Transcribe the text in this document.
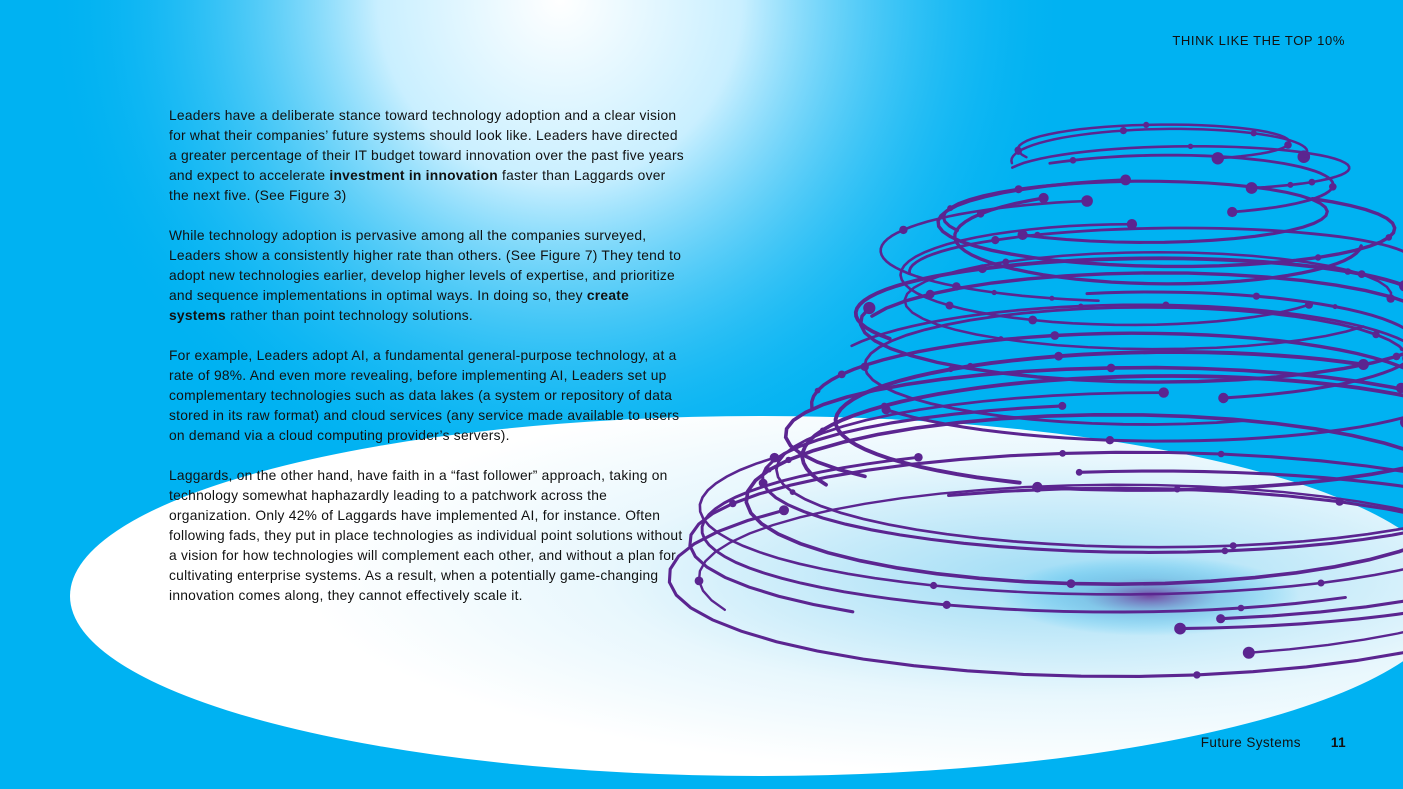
THINK LIKE THE TOP 10%

Leaders have a deliberate stance toward technology adoption and a clear vision for what their companies’ future systems should look like. Leaders have directed a greater percentage of their IT budget toward innovation over the past five years and expect to accelerate investment in innovation faster than Laggards over the next five. (See Figure 3)

While technology adoption is pervasive among all the companies surveyed, Leaders show a consistently higher rate than others. (See Figure 7) They tend to adopt new technologies earlier, develop higher levels of expertise, and prioritize and sequence implementations in optimal ways. In doing so, they create systems rather than point technology solutions.

For example, Leaders adopt AI, a fundamental general-purpose technology, at a rate of 98%. And even more revealing, before implementing AI, Leaders set up complementary technologies such as data lakes (a system or repository of data stored in its raw format) and cloud services (any service made available to users on demand via a cloud computing provider’s servers).

Laggards, on the other hand, have faith in a “fast follower” approach, taking on technology somewhat haphazardly leading to a patchwork across the organization. Only 42% of Laggards have implemented AI, for instance. Often following fads, they put in place technologies as individual point solutions without a vision for how technologies will complement each other, and without a plan for cultivating enterprise systems. As a result, when a potentially game-changing innovation comes along, they cannot effectively scale it.

Future Systems 11
